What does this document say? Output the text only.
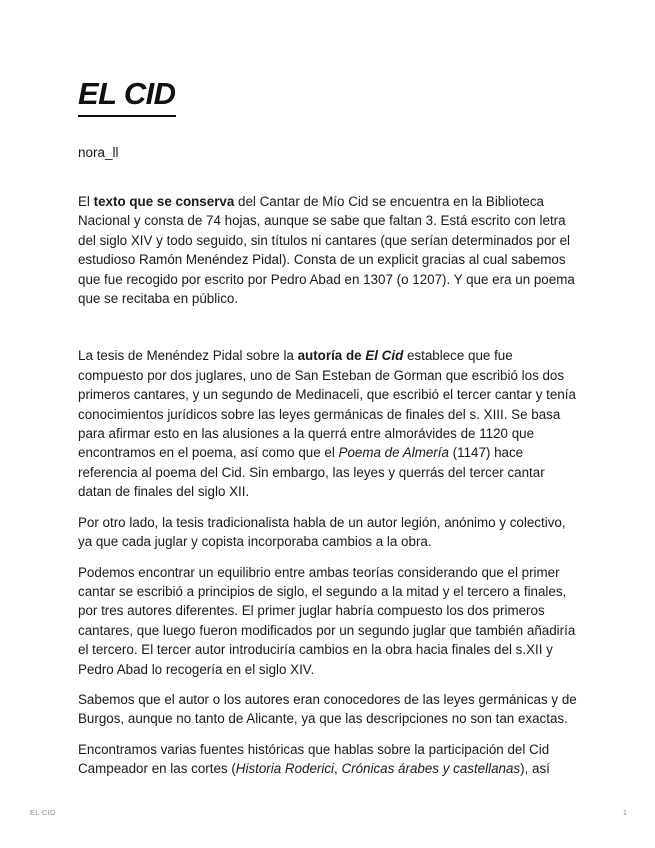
EL CID

nora_ll

El texto que se conserva del Cantar de Mío Cid se encuentra en la Biblioteca Nacional y consta de 74 hojas, aunque se sabe que faltan 3. Está escrito con letra del siglo XIV y todo seguido, sin títulos ni cantares (que serían determinados por el estudioso Ramón Menéndez Pidal). Consta de un explicit gracias al cual sabemos que fue recogido por escrito por Pedro Abad en 1307 (o 1207). Y que era un poema que se recitaba en público.

La tesis de Menéndez Pidal sobre la autoría de El Cid establece que fue compuesto por dos juglares, uno de San Esteban de Gorman que escribió los dos primeros cantares, y un segundo de Medinaceli, que escribió el tercer cantar y tenía conocimientos jurídicos sobre las leyes germánicas de finales del s. XIII. Se basa para afirmar esto en las alusiones a la querrá entre almorávides de 1120 que encontramos en el poema, así como que el Poema de Almería (1147) hace referencia al poema del Cid. Sin embargo, las leyes y querrás del tercer cantar datan de finales del siglo XII.

Por otro lado, la tesis tradicionalista habla de un autor legión, anónimo y colectivo, ya que cada juglar y copista incorporaba cambios a la obra.

Podemos encontrar un equilibrio entre ambas teorías considerando que el primer cantar se escribió a principios de siglo, el segundo a la mitad y el tercero a finales, por tres autores diferentes. El primer juglar habría compuesto los dos primeros cantares, que luego fueron modificados por un segundo juglar que también añadiría el tercero. El tercer autor introduciría cambios en la obra hacia finales del s.XII y Pedro Abad lo recogería en el siglo XIV.

Sabemos que el autor o los autores eran conocedores de las leyes germánicas y de Burgos, aunque no tanto de Alicante, ya que las descripciones no son tan exactas.

Encontramos varias fuentes históricas que hablas sobre la participación del Cid Campeador en las cortes (Historia Roderici, Crónicas árabes y castellanas), así

EL CID	1
